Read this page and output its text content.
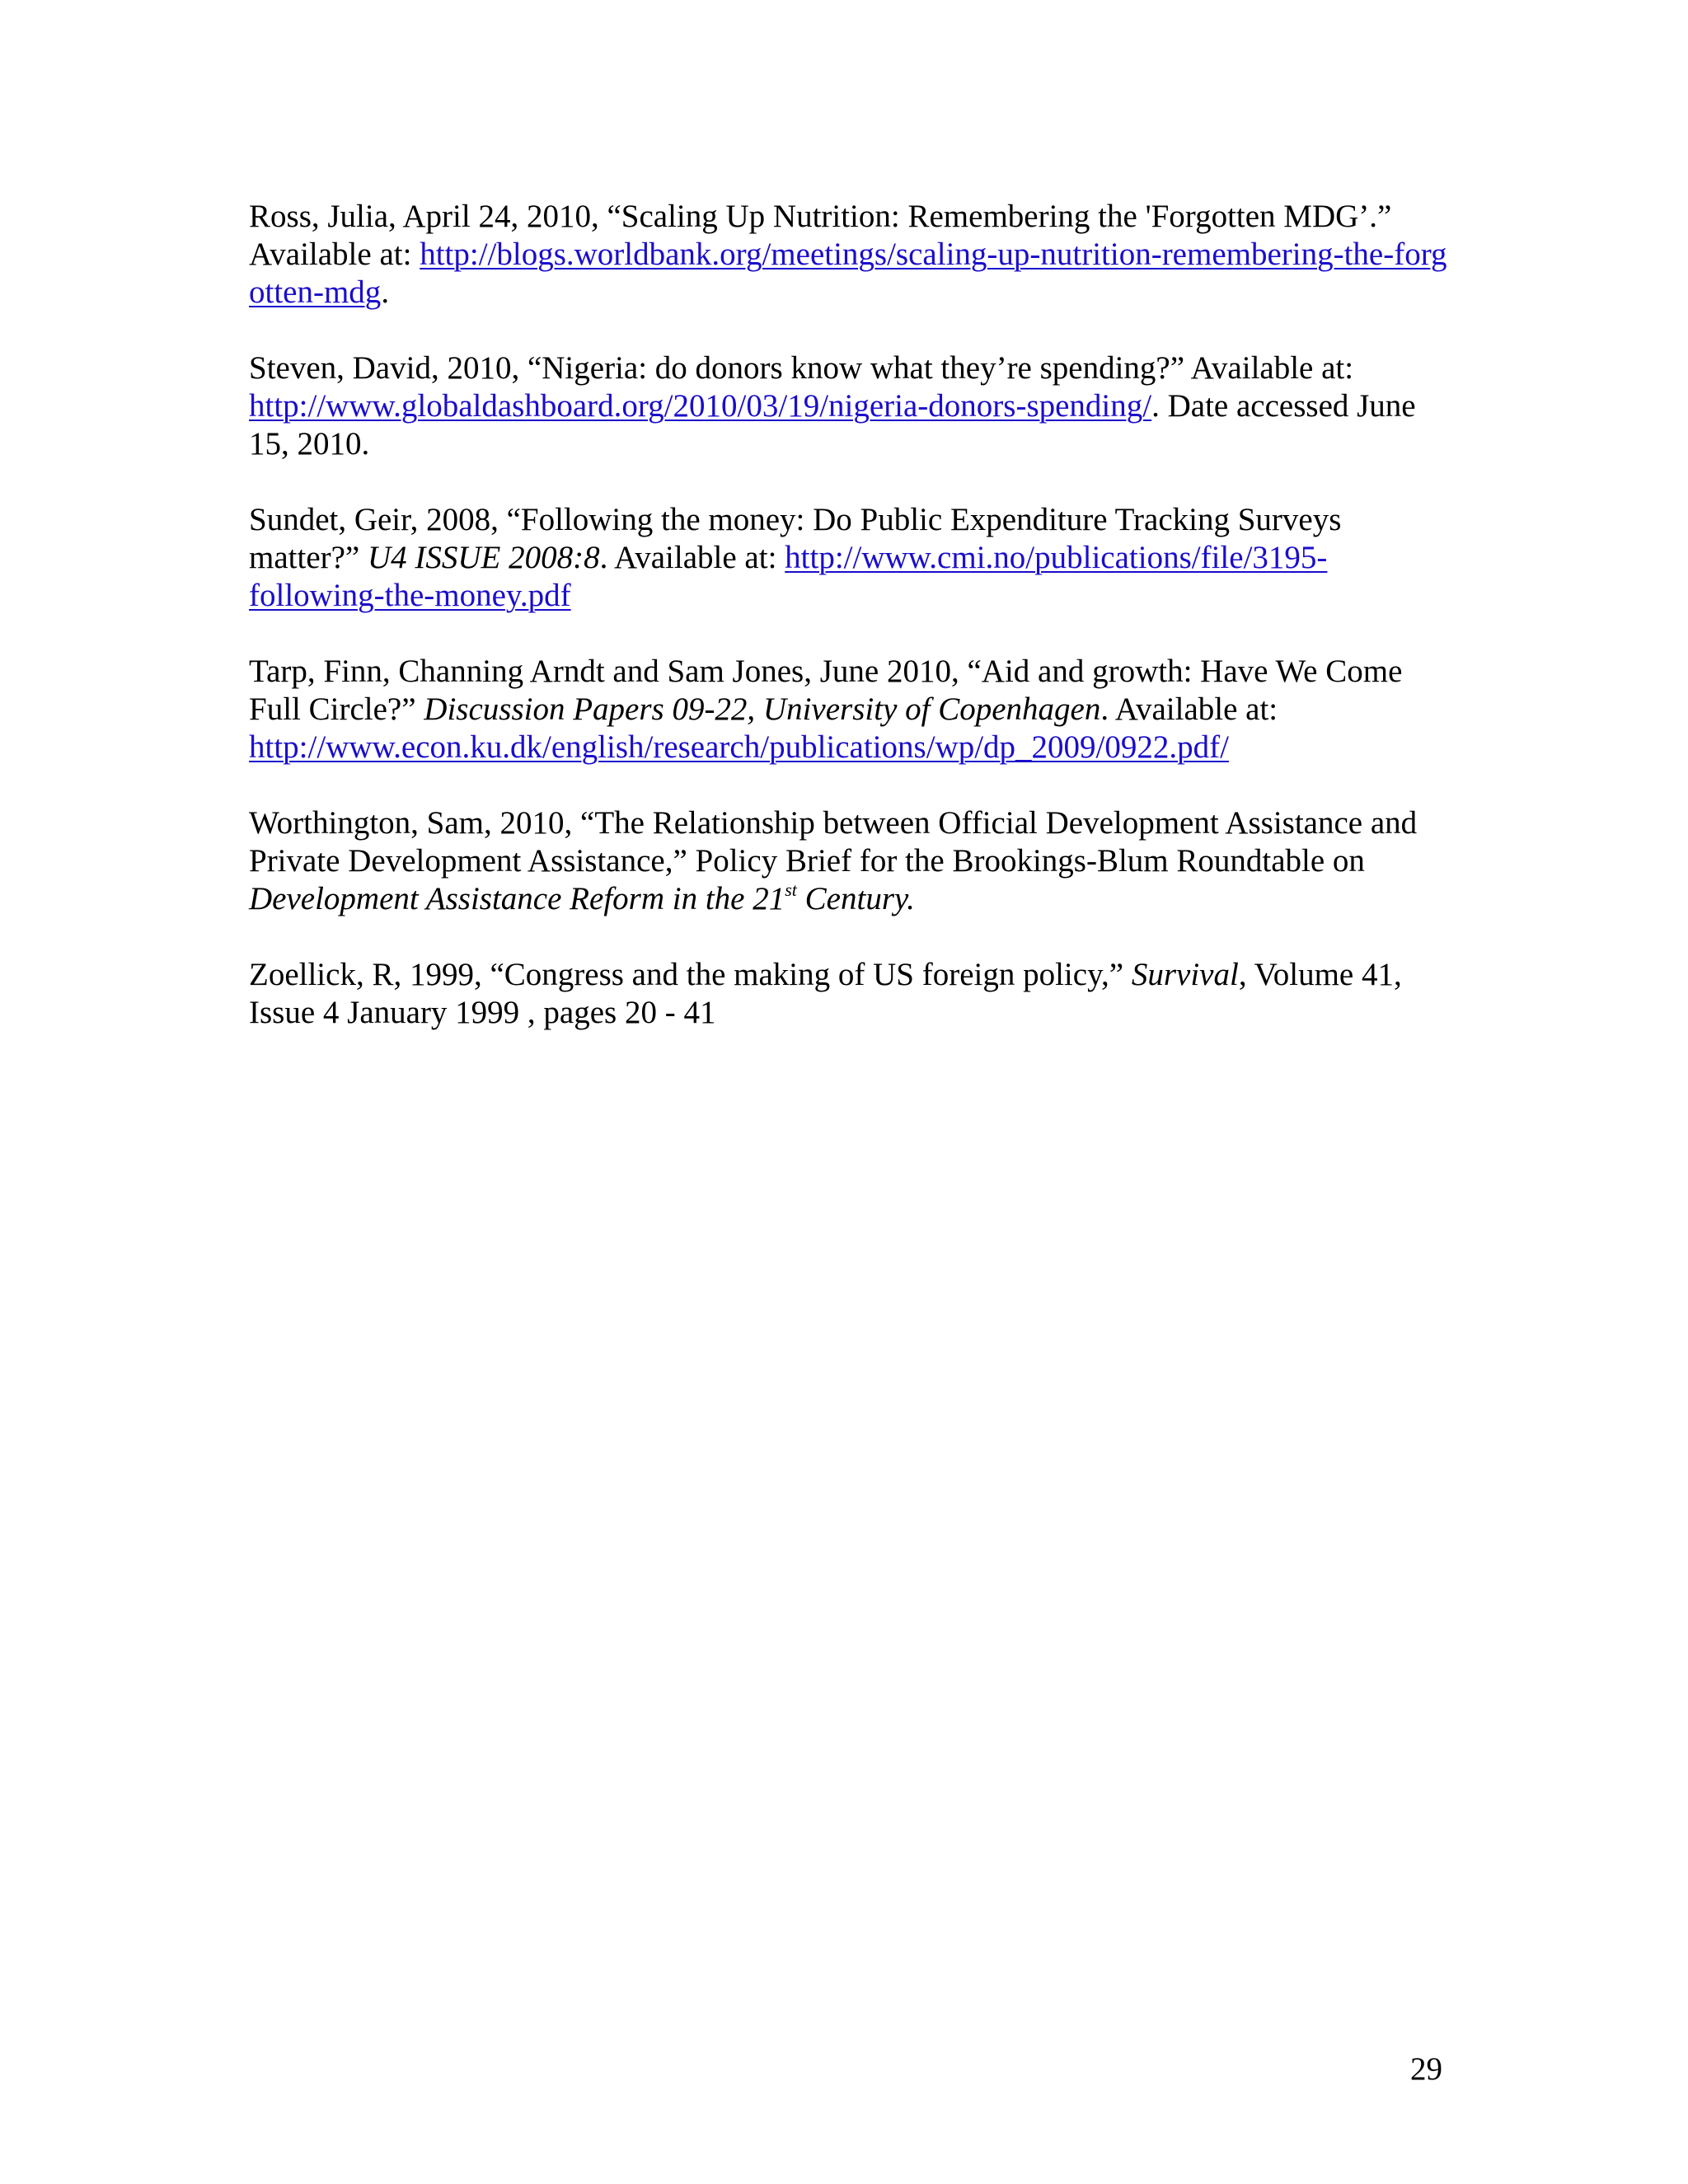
Ross, Julia, April 24, 2010, “Scaling Up Nutrition: Remembering the 'Forgotten MDG’.” Available at: http://blogs.worldbank.org/meetings/scaling-up-nutrition-remembering-the-forgotten-mdg.

Steven, David, 2010, “Nigeria: do donors know what they’re spending?” Available at: http://www.globaldashboard.org/2010/03/19/nigeria-donors-spending/. Date accessed June 15, 2010.

Sundet, Geir, 2008, “Following the money: Do Public Expenditure Tracking Surveys matter?” U4 ISSUE 2008:8. Available at: http://www.cmi.no/publications/file/3195-following-the-money.pdf

Tarp, Finn, Channing Arndt and Sam Jones, June 2010, “Aid and growth: Have We Come Full Circle?” Discussion Papers 09-22, University of Copenhagen. Available at: http://www.econ.ku.dk/english/research/publications/wp/dp_2009/0922.pdf/

Worthington, Sam, 2010, “The Relationship between Official Development Assistance and Private Development Assistance,” Policy Brief for the Brookings-Blum Roundtable on Development Assistance Reform in the 21st Century.

Zoellick, R, 1999, “Congress and the making of US foreign policy,” Survival, Volume 41, Issue 4 January 1999 , pages 20 - 41

29
